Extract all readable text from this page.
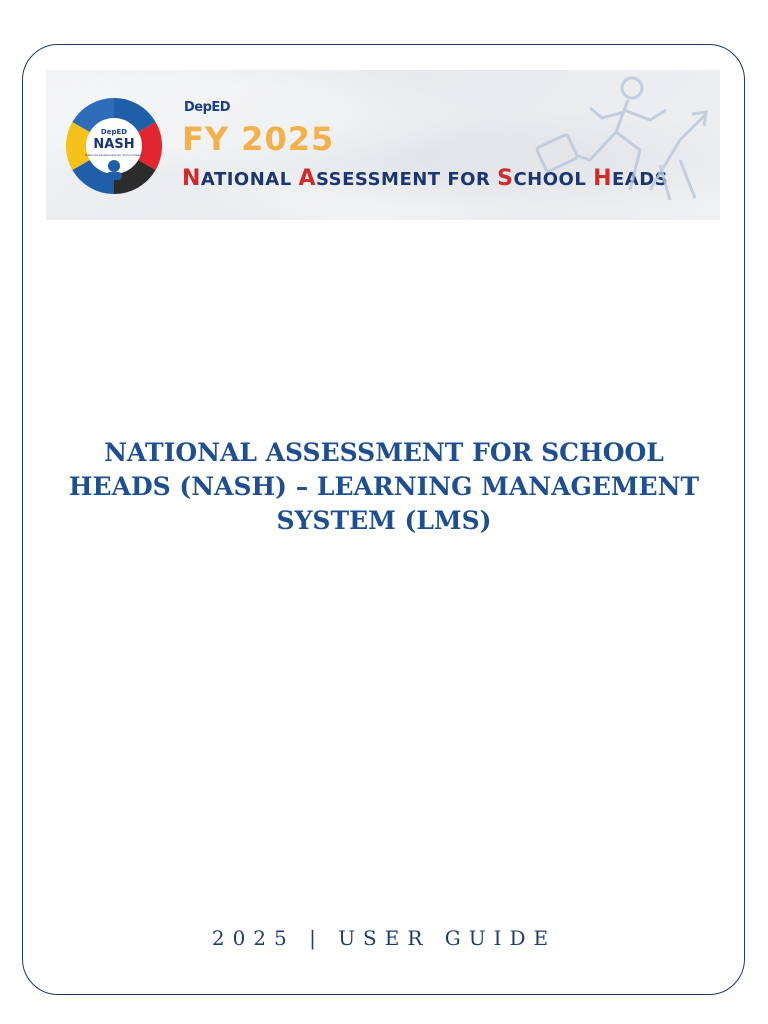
DepED
NASH
National Assessment for School Heads
DepED
FY 2025
NATIONAL ASSESSMENT FOR SCHOOL HEADS
NATIONAL ASSESSMENT FOR SCHOOL
HEADS (NASH) – LEARNING MANAGEMENT
SYSTEM (LMS)
2025 | USER GUIDE
